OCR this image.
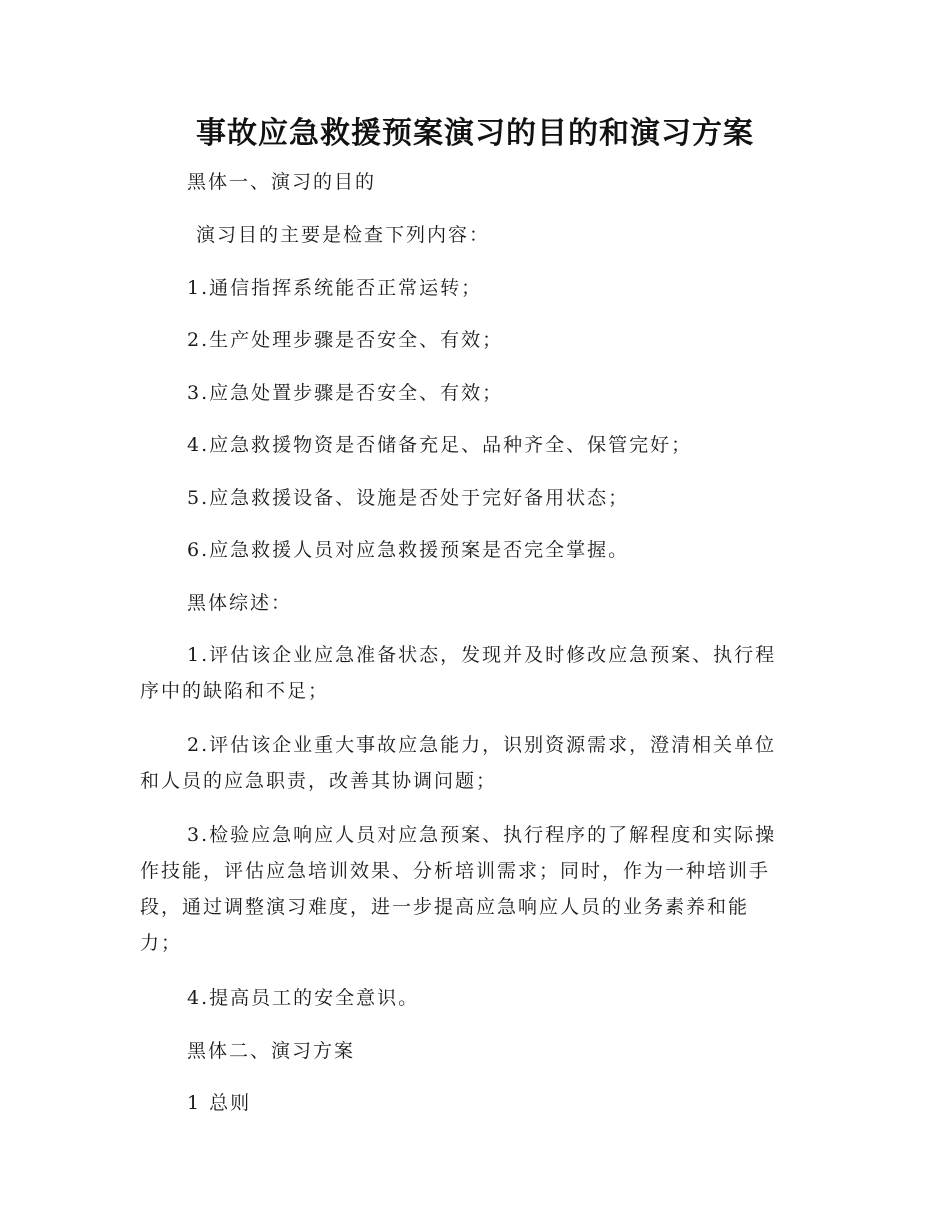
事故应急救援预案演习的目的和演习方案
黑体一、演习的目的
演习目的主要是检查下列内容：
1.通信指挥系统能否正常运转；
2.生产处理步骤是否安全、有效；
3.应急处置步骤是否安全、有效；
4.应急救援物资是否储备充足、品种齐全、保管完好；
5.应急救援设备、设施是否处于完好备用状态；
6.应急救援人员对应急救援预案是否完全掌握。
黑体综述：
1.评估该企业应急准备状态，发现并及时修改应急预案、执行程
序中的缺陷和不足；
2.评估该企业重大事故应急能力，识别资源需求，澄清相关单位
和人员的应急职责，改善其协调问题；
3.检验应急响应人员对应急预案、执行程序的了解程度和实际操
作技能，评估应急培训效果、分析培训需求；同时，作为一种培训手
段，通过调整演习难度，进一步提高应急响应人员的业务素养和能
力；
4.提高员工的安全意识。
黑体二、演习方案
1 总则
